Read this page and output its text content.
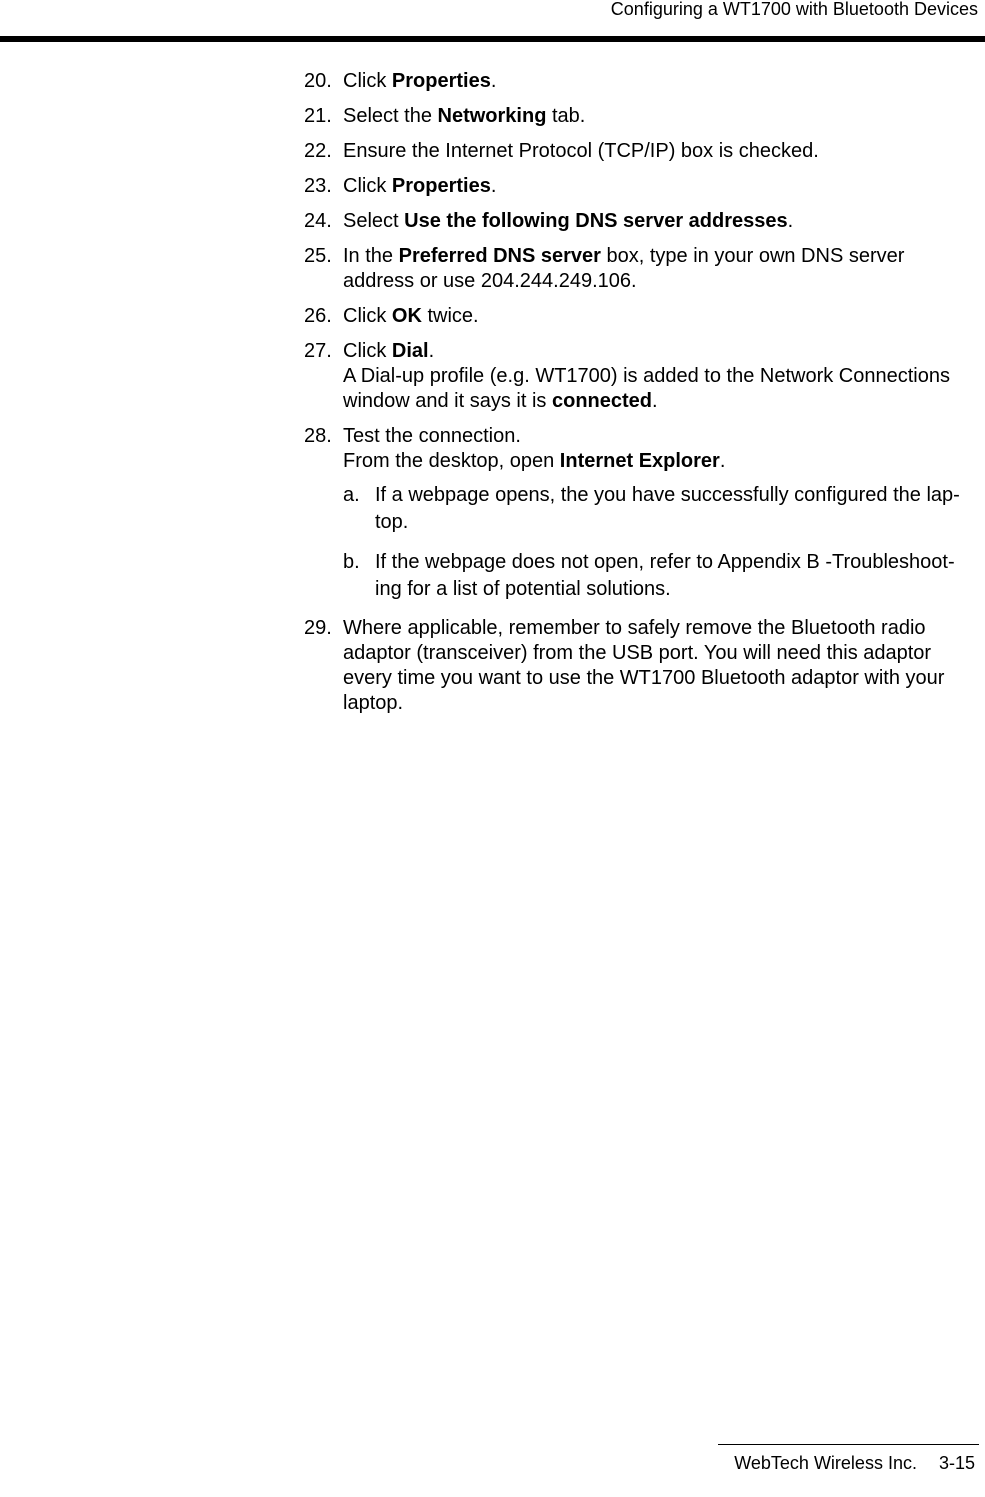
Configuring a WT1700 with Bluetooth Devices
20. Click Properties.
21. Select the Networking tab.
22. Ensure the Internet Protocol (TCP/IP) box is checked.
23. Click Properties.
24. Select Use the following DNS server addresses.
25. In the Preferred DNS server box, type in your own DNS server
address or use 204.244.249.106.
26. Click OK twice.
27. Click Dial.
A Dial-up profile (e.g. WT1700) is added to the Network Connections
window and it says it is connected.
28. Test the connection.
From the desktop, open Internet Explorer.
a. If a webpage opens, the you have successfully configured the lap-
top.
b. If the webpage does not open, refer to Appendix B -Troubleshoot-
ing for a list of potential solutions.
29. Where applicable, remember to safely remove the Bluetooth radio
adaptor (transceiver) from the USB port. You will need this adaptor
every time you want to use the WT1700 Bluetooth adaptor with your
laptop.
WebTech Wireless Inc. 3-15
